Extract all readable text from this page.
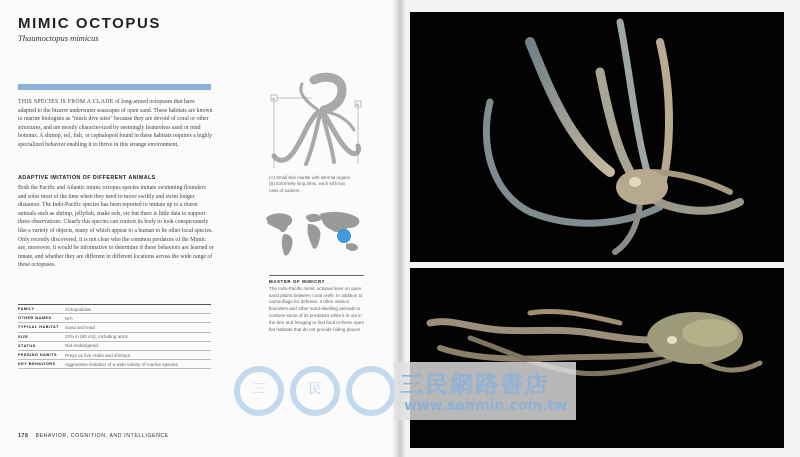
MIMIC OCTOPUS
Thaumoctopus mimicus
THIS SPECIES IS FROM A CLADE of long-armed octopuses that have adapted to the bizarre underwater seascapes of open sand. These habitats are known to marine biologists as "muck dive sites" because they are devoid of coral or other structures, and are mostly character-ized by seemingly featureless sand or mud bottoms. A shrimp, eel, fish, or cephalopod found in these habitats requires a highly specialized behavior enabling it to thrive in this strange environment.
ADAPTIVE IMITATION OF DIFFERENT ANIMALS
Both the Pacific and Atlantic mimic octopus species imitate swimming flounders and soles most of the time when they need to move swiftly and swim longer distances. The Indo-Pacific species has been reported to imitate up to a dozen animals such as shrimp, jellyfish, snake eels, etc but there is little data to support these observations. Clearly this species can contort its body to look conspicuously like a variety of objects, many of which appear to a human to be other local species. Only recently discovered, it is not clear who the common predators of the Mimic are, moreover, it would be informative to determine if these behaviors are learned or innate, and whether they are different in different locations across the wide range of these octopuses.
FAMILY	Octopodidae
OTHER NAMES	N/A
TYPICAL HABITAT	Sand and mud
SIZE	23⅝ in (60 cm), including arms
STATUS	Not endangered
FEEDING HABITS	Preys on live crabs and shrimps
KEY BEHAVIORS	Aggressive imitation of a wide variety of marine species
178 BEHAVIOR, COGNITION, AND INTELLIGENCE
A
B
(A) Small skin mantle with internal organs
(B) Extremely long arms, each with two rows of suckers
MASTER OF MIMICRY
The Indo-Pacific mimic octopus lives on open sand plains between coral reefs. In addition to camouflage for defense, it often mimics flounders and other sand-dwelling animals to confuse some of its predators while it is out in the den and foraging to find food in these open flat habitats that do not provide hiding places.
三	民	三民網路書店
www.sanmin.com.tw
